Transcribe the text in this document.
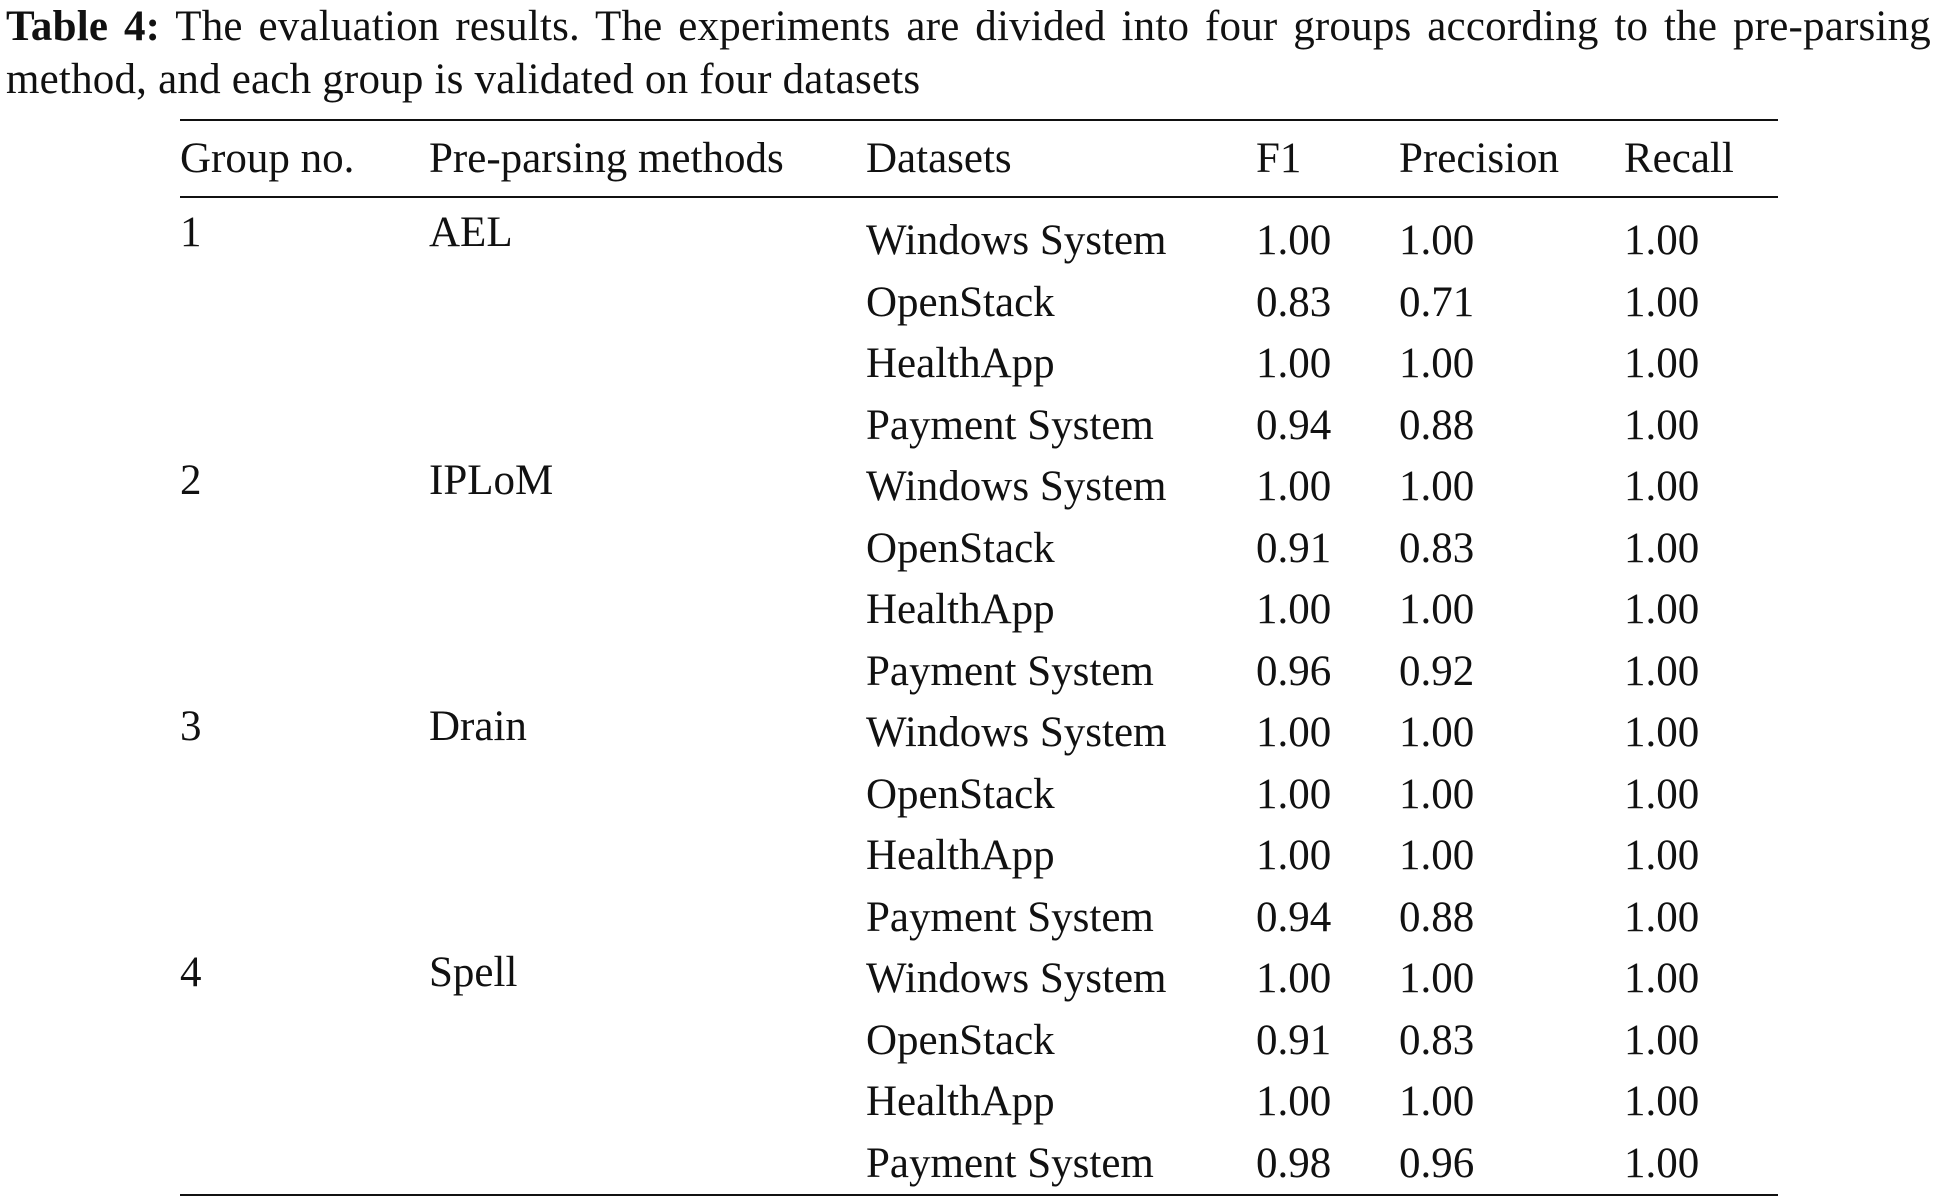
Table 4: The evaluation results. The experiments are divided into four groups according to the pre-parsing method, and each group is validated on four datasets
Group no.	Pre-parsing methods	Datasets	F1	Precision	Recall
1	AEL	Windows System	1.00	1.00	1.00
		OpenStack	0.83	0.71	1.00
		HealthApp	1.00	1.00	1.00
		Payment System	0.94	0.88	1.00
2	IPLoM	Windows System	1.00	1.00	1.00
		OpenStack	0.91	0.83	1.00
		HealthApp	1.00	1.00	1.00
		Payment System	0.96	0.92	1.00
3	Drain	Windows System	1.00	1.00	1.00
		OpenStack	1.00	1.00	1.00
		HealthApp	1.00	1.00	1.00
		Payment System	0.94	0.88	1.00
4	Spell	Windows System	1.00	1.00	1.00
		OpenStack	0.91	0.83	1.00
		HealthApp	1.00	1.00	1.00
		Payment System	0.98	0.96	1.00
